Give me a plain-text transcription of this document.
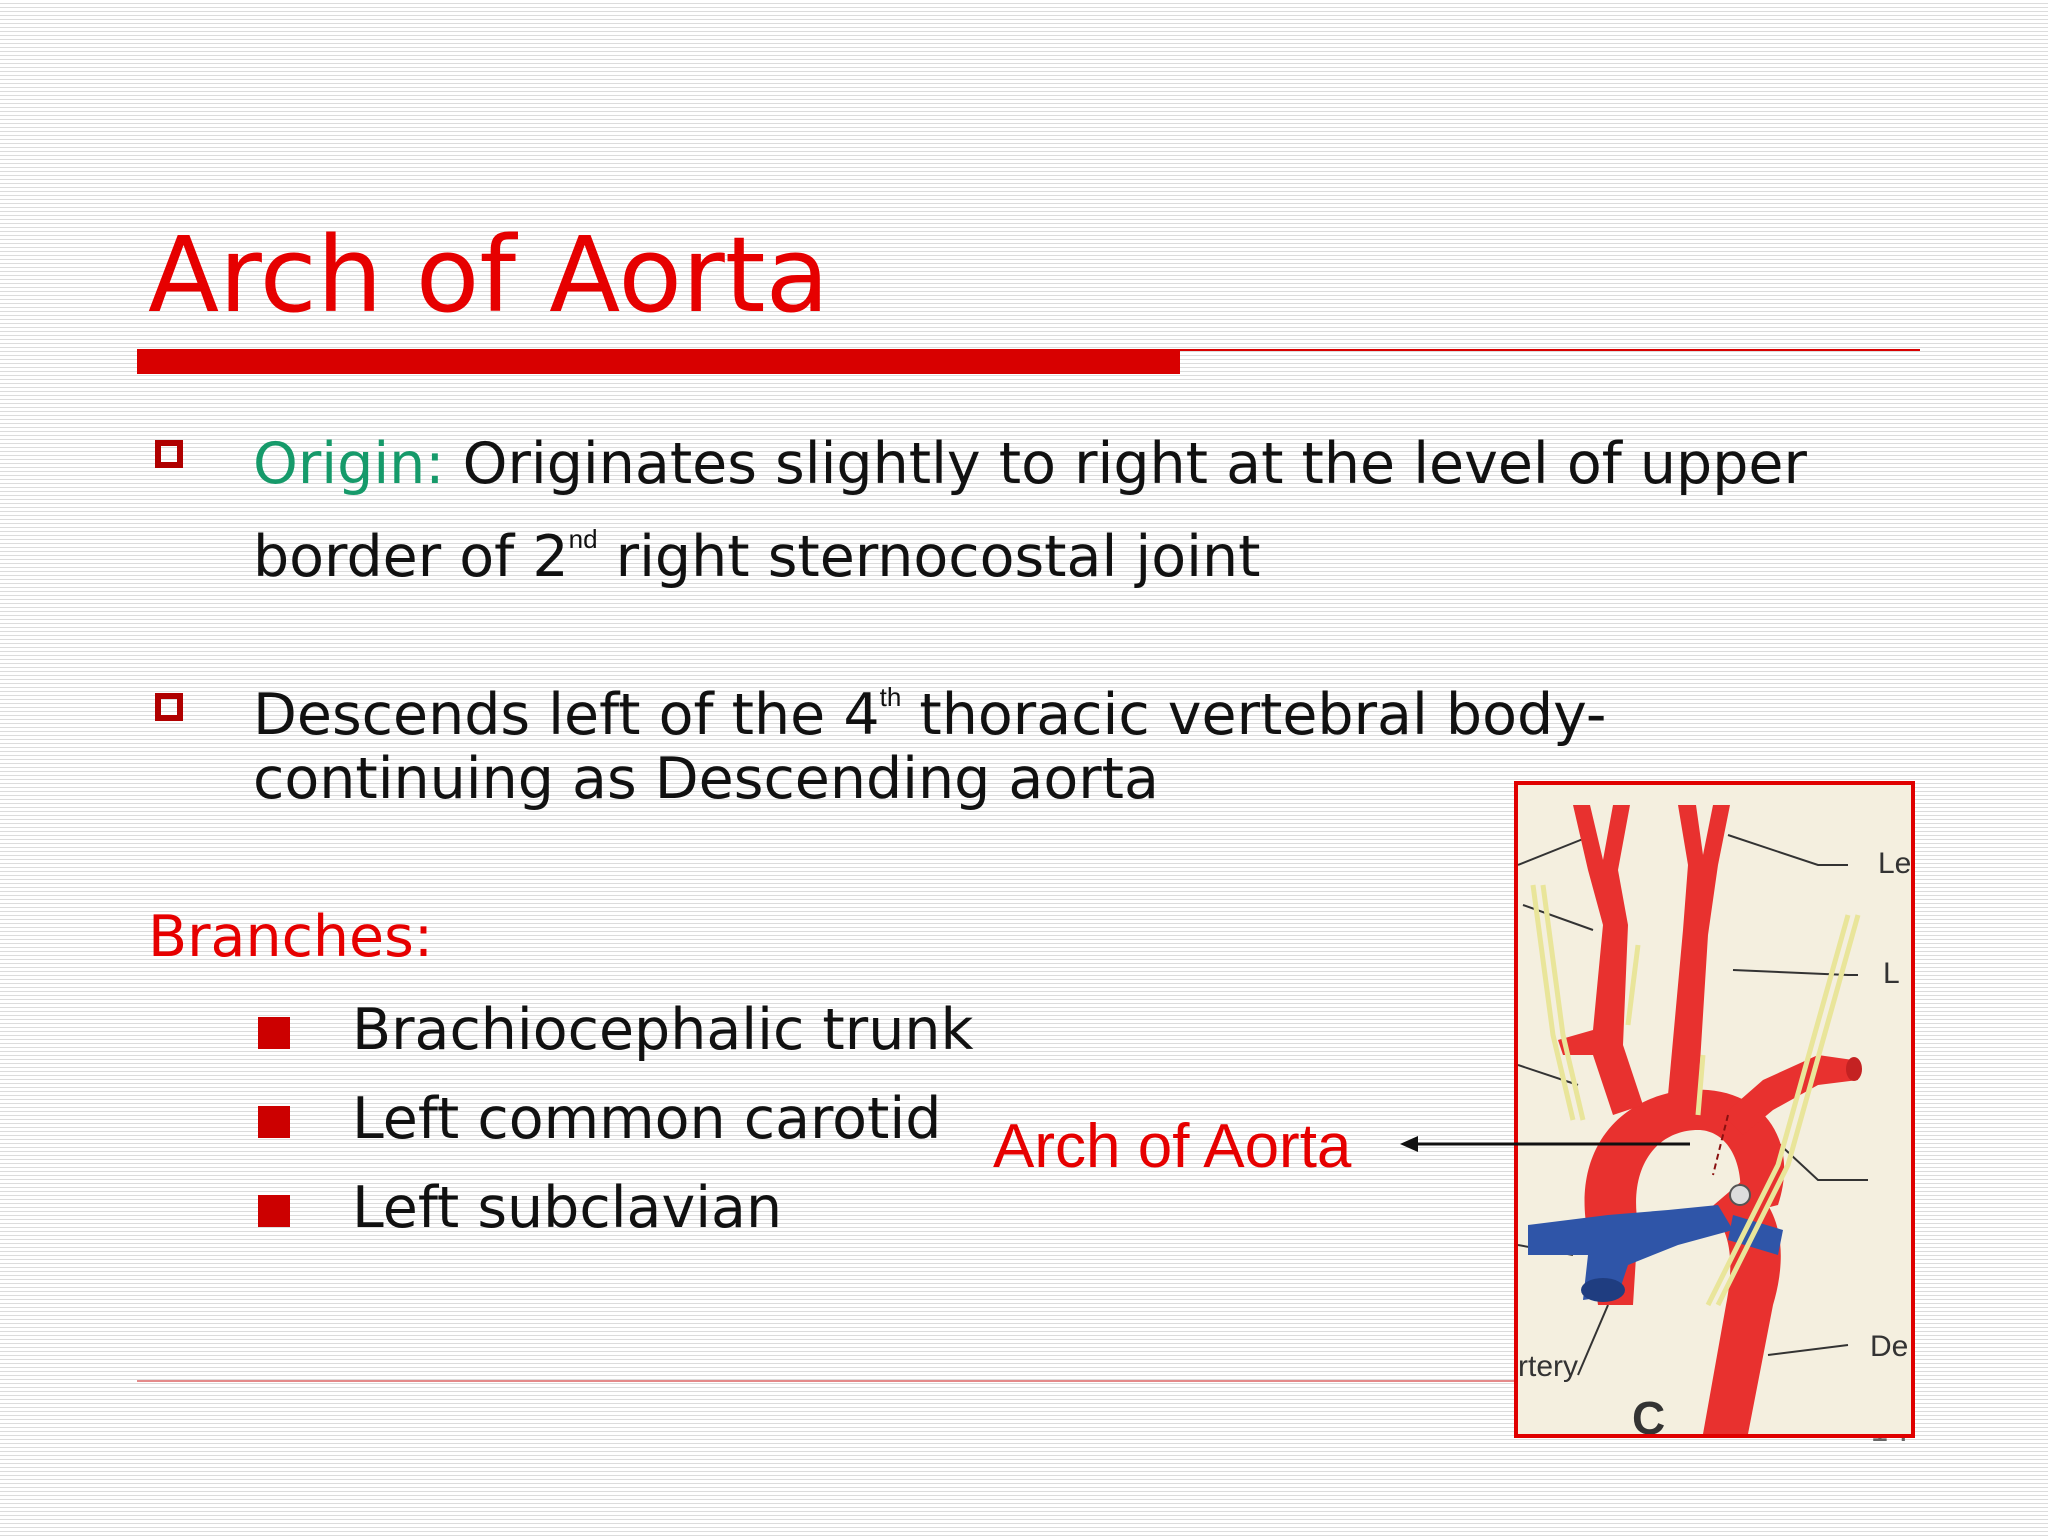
Arch of Aorta
Origin: Originates slightly to right at the level of upper border of 2nd right sternocostal joint
Descends left of the 4th thoracic vertebral body- continuing as Descending aorta
Branches:
Brachiocephalic trunk
Left common carotid
Left subclavian
Le
L
De
rtery
C
Arch of Aorta
